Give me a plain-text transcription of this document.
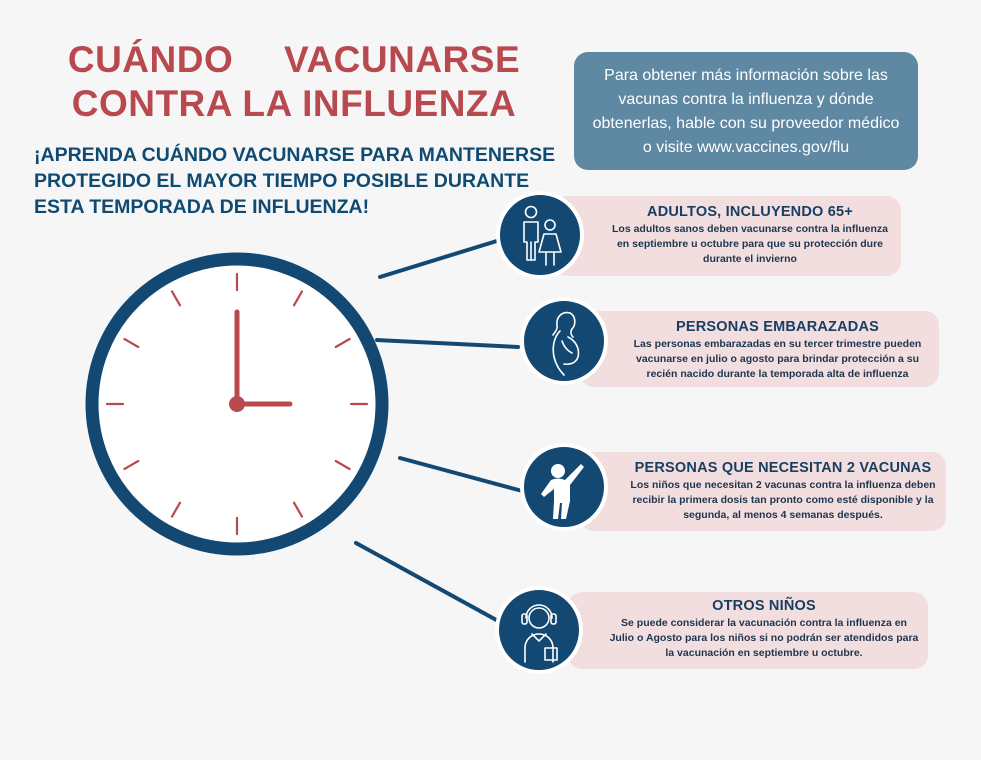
CUÁNDO VACUNARSE
CONTRA LA INFLUENZA

¡APRENDA CUÁNDO VACUNARSE PARA MANTENERSE PROTEGIDO EL MAYOR TIEMPO POSIBLE DURANTE ESTA TEMPORADA DE INFLUENZA!

Para obtener más información sobre las vacunas contra la influenza y dónde obtenerlas, hable con su proveedor médico o visite www.vaccines.gov/flu
ADULTOS, INCLUYENDO 65+

Los adultos sanos deben vacunarse contra la influenza en septiembre u octubre para que su protección dure durante el invierno

PERSONAS EMBARAZADAS

Las personas embarazadas en su tercer trimestre pueden vacunarse en julio o agosto para brindar protección a su recién nacido durante la temporada alta de influenza

PERSONAS QUE NECESITAN 2 VACUNAS

Los niños que necesitan 2 vacunas contra la influenza deben recibir la primera dosis tan pronto como esté disponible y la segunda, al menos 4 semanas después.

OTROS NIÑOS

Se puede considerar la vacunación contra la influenza en Julio o Agosto para los niños si no podrán ser atendidos para la vacunación en septiembre u octubre.
